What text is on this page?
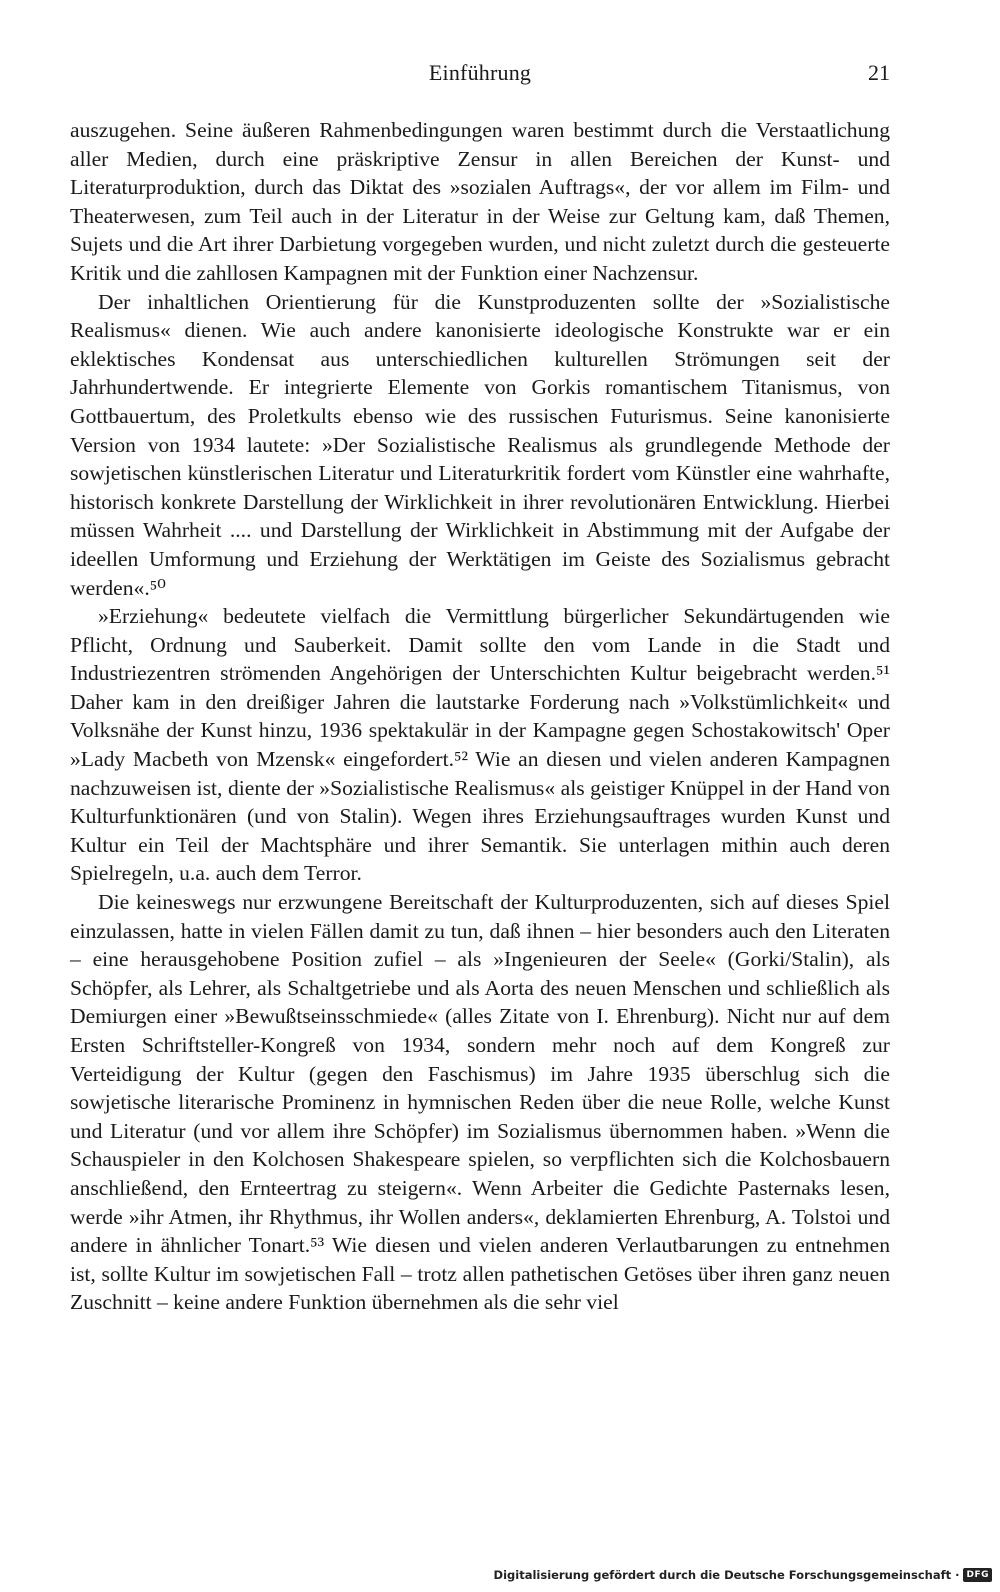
Einführung	21

auszugehen. Seine äußeren Rahmenbedingungen waren bestimmt durch die Verstaatlichung aller Medien, durch eine präskriptive Zensur in allen Bereichen der Kunst- und Literaturproduktion, durch das Diktat des »sozialen Auftrags«, der vor allem im Film- und Theaterwesen, zum Teil auch in der Literatur in der Weise zur Geltung kam, daß Themen, Sujets und die Art ihrer Darbietung vorgegeben wurden, und nicht zuletzt durch die gesteuerte Kritik und die zahllosen Kampagnen mit der Funktion einer Nachzensur.

Der inhaltlichen Orientierung für die Kunstproduzenten sollte der »Sozialistische Realismus« dienen. Wie auch andere kanonisierte ideologische Konstrukte war er ein eklektisches Kondensat aus unterschiedlichen kulturellen Strömungen seit der Jahrhundertwende. Er integrierte Elemente von Gorkis romantischem Titanismus, von Gottbauertum, des Proletkults ebenso wie des russischen Futurismus. Seine kanonisierte Version von 1934 lautete: »Der Sozialistische Realismus als grundlegende Methode der sowjetischen künstlerischen Literatur und Literaturkritik fordert vom Künstler eine wahrhafte, historisch konkrete Darstellung der Wirklichkeit in ihrer revolutionären Entwicklung. Hierbei müssen Wahrheit .... und Darstellung der Wirklichkeit in Abstimmung mit der Aufgabe der ideellen Umformung und Erziehung der Werktätigen im Geiste des Sozialismus gebracht werden«.⁵⁰

»Erziehung« bedeutete vielfach die Vermittlung bürgerlicher Sekundärtugenden wie Pflicht, Ordnung und Sauberkeit. Damit sollte den vom Lande in die Stadt und Industriezentren strömenden Angehörigen der Unterschichten Kultur beigebracht werden.⁵¹ Daher kam in den dreißiger Jahren die lautstarke Forderung nach »Volkstümlichkeit« und Volksnähe der Kunst hinzu, 1936 spektakulär in der Kampagne gegen Schostakowitsch' Oper »Lady Macbeth von Mzensk« eingefordert.⁵² Wie an diesen und vielen anderen Kampagnen nachzuweisen ist, diente der »Sozialistische Realismus« als geistiger Knüppel in der Hand von Kulturfunktionären (und von Stalin). Wegen ihres Erziehungsauftrages wurden Kunst und Kultur ein Teil der Machtsphäre und ihrer Semantik. Sie unterlagen mithin auch deren Spielregeln, u.a. auch dem Terror.

Die keineswegs nur erzwungene Bereitschaft der Kulturproduzenten, sich auf dieses Spiel einzulassen, hatte in vielen Fällen damit zu tun, daß ihnen – hier besonders auch den Literaten – eine herausgehobene Position zufiel – als »Ingenieuren der Seele« (Gorki/Stalin), als Schöpfer, als Lehrer, als Schaltgetriebe und als Aorta des neuen Menschen und schließlich als Demiurgen einer »Bewußtseinsschmiede« (alles Zitate von I. Ehrenburg). Nicht nur auf dem Ersten Schriftsteller-Kongreß von 1934, sondern mehr noch auf dem Kongreß zur Verteidigung der Kultur (gegen den Faschismus) im Jahre 1935 überschlug sich die sowjetische literarische Prominenz in hymnischen Reden über die neue Rolle, welche Kunst und Literatur (und vor allem ihre Schöpfer) im Sozialismus übernommen haben. »Wenn die Schauspieler in den Kolchosen Shakespeare spielen, so verpflichten sich die Kolchosbauern anschließend, den Ernteertrag zu steigern«. Wenn Arbeiter die Gedichte Pasternaks lesen, werde »ihr Atmen, ihr Rhythmus, ihr Wollen anders«, deklamierten Ehrenburg, A. Tolstoi und andere in ähnlicher Tonart.⁵³ Wie diesen und vielen anderen Verlautbarungen zu entnehmen ist, sollte Kultur im sowjetischen Fall – trotz allen pathetischen Getöses über ihren ganz neuen Zuschnitt – keine andere Funktion übernehmen als die sehr viel

Digitalisierung gefördert durch die Deutsche Forschungsgemeinschaft · DFG
